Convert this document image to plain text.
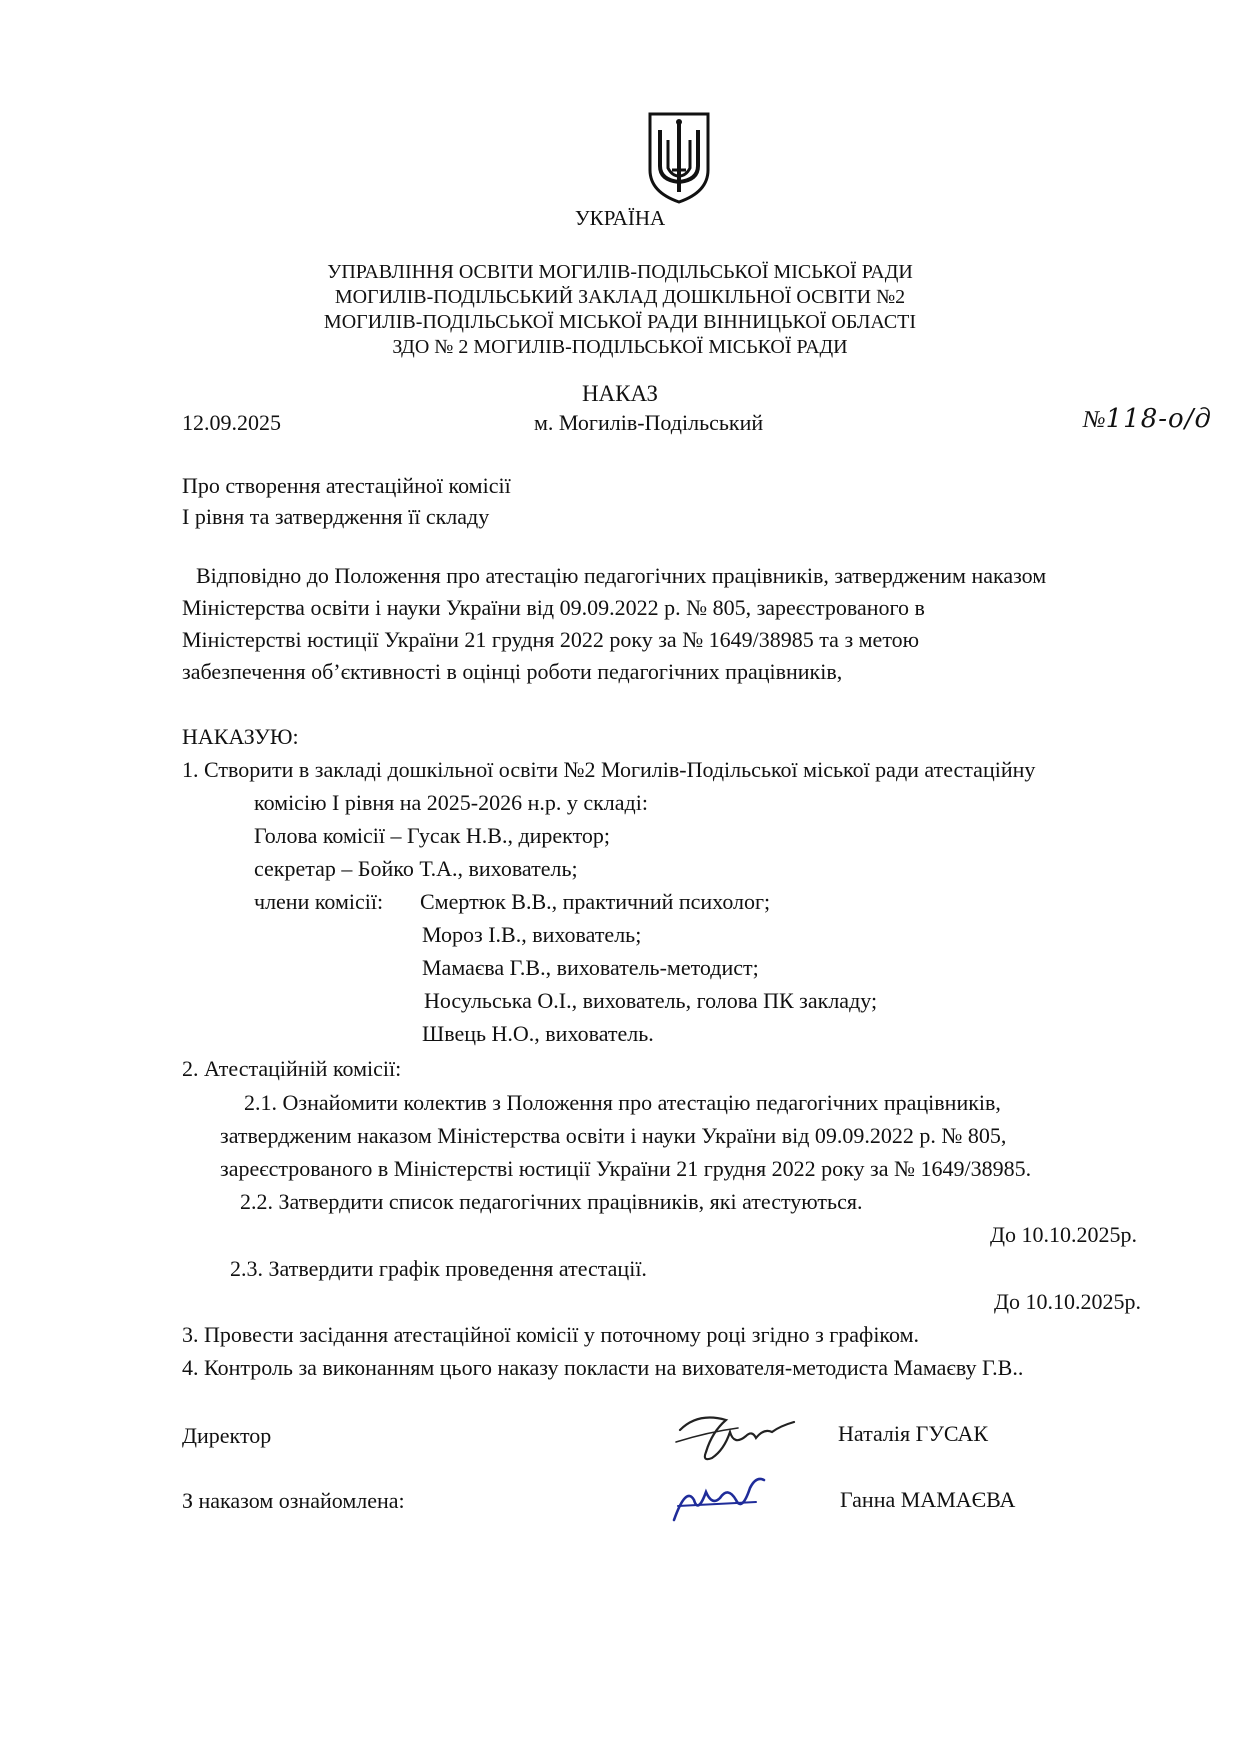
УКРАЇНА
УПРАВЛІННЯ ОСВІТИ МОГИЛІВ-ПОДІЛЬСЬКОЇ МІСЬКОЇ РАДИ
МОГИЛІВ-ПОДІЛЬСЬКИЙ ЗАКЛАД ДОШКІЛЬНОЇ ОСВІТИ №2
МОГИЛІВ-ПОДІЛЬСЬКОЇ МІСЬКОЇ РАДИ ВІННИЦЬКОЇ ОБЛАСТІ
ЗДО № 2 МОГИЛІВ-ПОДІЛЬСЬКОЇ МІСЬКОЇ РАДИ
НАКАЗ
12.09.2025	м. Могилів-Подільський	№118-о/д
Про створення атестаційної комісії
І рівня та затвердження її складу
Відповідно до Положення про атестацію педагогічних працівників, затвердженим наказом
Міністерства освіти і науки України від 09.09.2022 р. № 805, зареєстрованого в
Міністерстві юстиції України 21 грудня 2022 року за № 1649/38985 та з метою
забезпечення об’єктивності в оцінці роботи педагогічних працівників,
НАКАЗУЮ:
1. Створити в закладі дошкільної освіти №2 Могилів-Подільської міської ради атестаційну
комісію І рівня на 2025-2026 н.р. у складі:
Голова комісії – Гусак Н.В., директор;
секретар – Бойко Т.А., вихователь;
члени комісії: Смертюк В.В., практичний психолог;
Мороз І.В., вихователь;
Мамаєва Г.В., вихователь-методист;
Носульська О.І., вихователь, голова ПК закладу;
Швець Н.О., вихователь.
2. Атестаційній комісії:
2.1. Ознайомити колектив з Положення про атестацію педагогічних працівників,
затвердженим наказом Міністерства освіти і науки України від 09.09.2022 р. № 805,
зареєстрованого в Міністерстві юстиції України 21 грудня 2022 року за № 1649/38985.
2.2. Затвердити список педагогічних працівників, які атестуються.
До 10.10.2025р.
2.3. Затвердити графік проведення атестації.
До 10.10.2025р.
3. Провести засідання атестаційної комісії у поточному році згідно з графіком.
4. Контроль за виконанням цього наказу покласти на вихователя-методиста Мамаєву Г.В..
Директор	Наталія ГУСАК
З наказом ознайомлена:	Ганна МАМАЄВА
